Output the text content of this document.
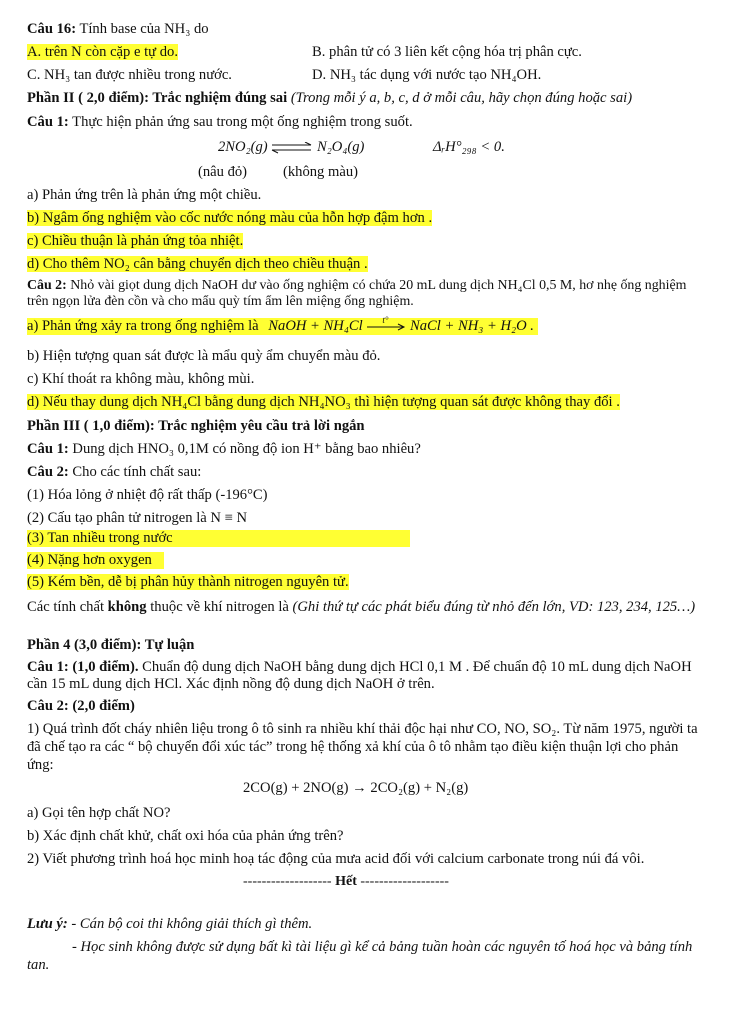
Câu 16: Tính base của NH₃ do
A. trên N còn cặp e tự do.	B. phân tử có 3 liên kết cộng hóa trị phân cực.
C. NH₃ tan được nhiều trong nước.	D. NH₃ tác dụng với nước tạo NH₄OH.
Phần II ( 2,0 điểm): Trắc nghiệm đúng sai (Trong mỗi ý a, b, c, d ở mỗi câu, hãy chọn đúng hoặc sai)
Câu 1: Thực hiện phản ứng sau trong một ống nghiệm trong suốt.
2NO₂(g) ⇌ N₂O₄(g)	ΔᵣH°₂₉₈ < 0.
(nâu đỏ) (không màu)
a) Phản ứng trên là phản ứng một chiều.
b) Ngâm ống nghiệm vào cốc nước nóng màu của hỗn hợp đậm hơn .
c) Chiều thuận là phản ứng tỏa nhiệt.
d) Cho thêm NO₂ cân bằng chuyển dịch theo chiều thuận .
Câu 2: Nhỏ vài giọt dung dịch NaOH dư vào ống nghiệm có chứa 20 mL dung dịch NH₄Cl 0,5 M, hơ nhẹ ống nghiệm trên ngọn lửa đèn cồn và cho mẩu quỳ tím ẩm lên miệng ống nghiệm.
a) Phản ứng xảy ra trong ống nghiệm là NaOH + NH₄Cl t° NaCl + NH₃ + H₂O .
b) Hiện tượng quan sát được là mẩu quỳ ẩm chuyển màu đỏ.
c) Khí thoát ra không màu, không mùi.
d) Nếu thay dung dịch NH₄Cl bằng dung dịch NH₄NO₃ thì hiện tượng quan sát được không thay đổi .
Phần III ( 1,0 điểm): Trắc nghiệm yêu cầu trả lời ngắn
Câu 1: Dung dịch HNO₃ 0,1M có nồng độ ion H⁺ bằng bao nhiêu?
Câu 2: Cho các tính chất sau:
(1) Hóa lỏng ở nhiệt độ rất thấp (-196°C)
(2) Cấu tạo phân tử nitrogen là N ≡ N
(3) Tan nhiều trong nước
(4) Nặng hơn oxygen
(5) Kém bền, dễ bị phân hủy thành nitrogen nguyên tử.
Các tính chất không thuộc về khí nitrogen là (Ghi thứ tự các phát biểu đúng từ nhỏ đến lớn, VD: 123, 234, 125…)
Phần 4 (3,0 điểm): Tự luận
Câu 1: (1,0 điểm). Chuẩn độ dung dịch NaOH bằng dung dịch HCl 0,1 M . Để chuẩn độ 10 mL dung dịch NaOH cần 15 mL dung dịch HCl. Xác định nồng độ dung dịch NaOH ở trên.
Câu 2: (2,0 điểm)
1) Quá trình đốt cháy nhiên liệu trong ô tô sinh ra nhiều khí thải độc hại như CO, NO, SO₂. Từ năm 1975, người ta đã chế tạo ra các “ bộ chuyển đổi xúc tác” trong hệ thống xả khí của ô tô nhằm tạo điều kiện thuận lợi cho phản ứng:
2CO(g) + 2NO(g) → 2CO₂(g) + N₂(g)
a) Gọi tên hợp chất NO?
b) Xác định chất khử, chất oxi hóa của phản ứng trên?
2) Viết phương trình hoá học minh hoạ tác động của mưa acid đối với calcium carbonate trong núi đá vôi.
------------------- Hết -------------------
Lưu ý: - Cán bộ coi thi không giải thích gì thêm.
- Học sinh không được sử dụng bất kì tài liệu gì kể cả bảng tuần hoàn các nguyên tố hoá học và bảng tính tan.
